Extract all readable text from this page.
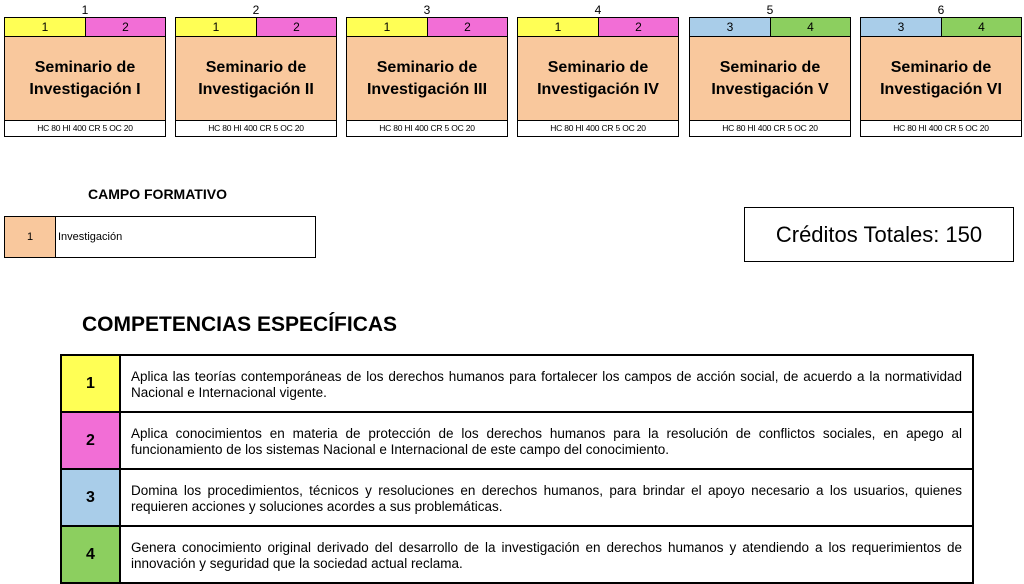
1
1	2
Seminario de Investigación I
HC 80 HI 400 CR 5 OC 20
2
1	2
Seminario de Investigación II
HC 80 HI 400 CR 5 OC 20
3
1	2
Seminario de Investigación III
HC 80 HI 400 CR 5 OC 20
4
1	2
Seminario de Investigación IV
HC 80 HI 400 CR 5 OC 20
5
3	4
Seminario de Investigación V
HC 80 HI 400 CR 5 OC 20
6
3	4
Seminario de Investigación VI
HC 80 HI 400 CR 5 OC 20
CAMPO FORMATIVO
1	Investigación	Créditos Totales: 150
COMPETENCIAS ESPECÍFICAS
1	Aplica las teorías contemporáneas de los derechos humanos para fortalecer los campos de acción social, de acuerdo a la normatividad Nacional e Internacional vigente.
2	Aplica conocimientos en materia de protección de los derechos humanos para la resolución de conflictos sociales, en apego al funcionamiento de los sistemas Nacional e Internacional de este campo del conocimiento.
3	Domina los procedimientos, técnicos y resoluciones en derechos humanos, para brindar el apoyo necesario a los usuarios, quienes requieren acciones y soluciones acordes a sus problemáticas.
4	Genera conocimiento original derivado del desarrollo de la investigación en derechos humanos y atendiendo a los requerimientos de innovación y seguridad que la sociedad actual reclama.
